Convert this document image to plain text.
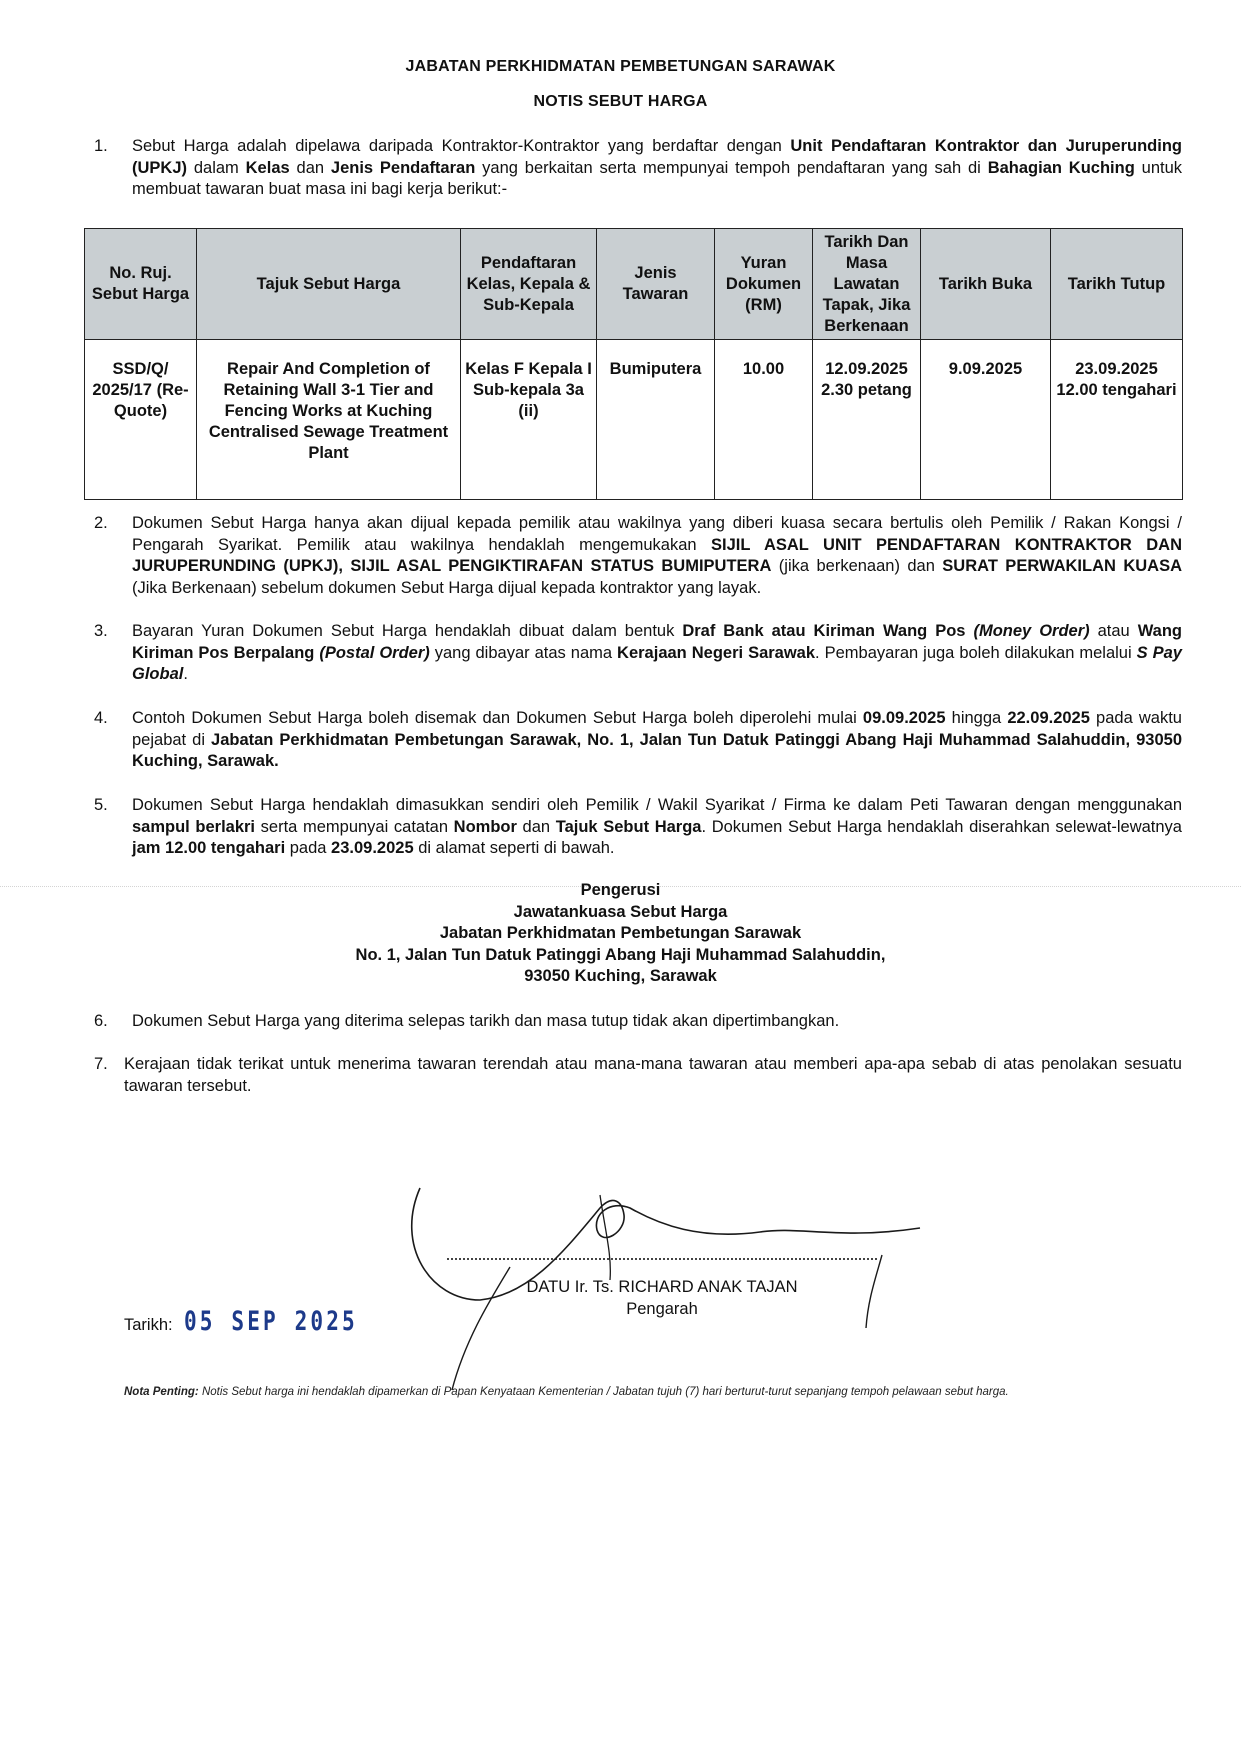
JABATAN PERKHIDMATAN PEMBETUNGAN SARAWAK
NOTIS SEBUT HARGA
1. Sebut Harga adalah dipelawa daripada Kontraktor-Kontraktor yang berdaftar dengan Unit Pendaftaran Kontraktor dan Juruperunding (UPKJ) dalam Kelas dan Jenis Pendaftaran yang berkaitan serta mempunyai tempoh pendaftaran yang sah di Bahagian Kuching untuk membuat tawaran buat masa ini bagi kerja berikut:-
No. Ruj. Sebut Harga	Tajuk Sebut Harga	Pendaftaran Kelas, Kepala & Sub-Kepala	Jenis Tawaran	Yuran Dokumen (RM)	Tarikh Dan Masa Lawatan Tapak, Jika Berkenaan	Tarikh Buka	Tarikh Tutup
SSD/Q/ 2025/17 (Re-Quote)	Repair And Completion of Retaining Wall 3-1 Tier and Fencing Works at Kuching Centralised Sewage Treatment Plant	Kelas F Kepala I Sub-kepala 3a (ii)	Bumiputera	10.00	12.09.2025 2.30 petang	9.09.2025	23.09.2025 12.00 tengahari
2. Dokumen Sebut Harga hanya akan dijual kepada pemilik atau wakilnya yang diberi kuasa secara bertulis oleh Pemilik / Rakan Kongsi / Pengarah Syarikat. Pemilik atau wakilnya hendaklah mengemukakan SIJIL ASAL UNIT PENDAFTARAN KONTRAKTOR DAN JURUPERUNDING (UPKJ), SIJIL ASAL PENGIKTIRAFAN STATUS BUMIPUTERA (jika berkenaan) dan SURAT PERWAKILAN KUASA (Jika Berkenaan) sebelum dokumen Sebut Harga dijual kepada kontraktor yang layak.
3. Bayaran Yuran Dokumen Sebut Harga hendaklah dibuat dalam bentuk Draf Bank atau Kiriman Wang Pos (Money Order) atau Wang Kiriman Pos Berpalang (Postal Order) yang dibayar atas nama Kerajaan Negeri Sarawak. Pembayaran juga boleh dilakukan melalui S Pay Global.
4. Contoh Dokumen Sebut Harga boleh disemak dan Dokumen Sebut Harga boleh diperolehi mulai 09.09.2025 hingga 22.09.2025 pada waktu pejabat di Jabatan Perkhidmatan Pembetungan Sarawak, No. 1, Jalan Tun Datuk Patinggi Abang Haji Muhammad Salahuddin, 93050 Kuching, Sarawak.
5. Dokumen Sebut Harga hendaklah dimasukkan sendiri oleh Pemilik / Wakil Syarikat / Firma ke dalam Peti Tawaran dengan menggunakan sampul berlakri serta mempunyai catatan Nombor dan Tajuk Sebut Harga. Dokumen Sebut Harga hendaklah diserahkan selewat-lewatnya jam 12.00 tengahari pada 23.09.2025 di alamat seperti di bawah.
Pengerusi
Jawatankuasa Sebut Harga
Jabatan Perkhidmatan Pembetungan Sarawak
No. 1, Jalan Tun Datuk Patinggi Abang Haji Muhammad Salahuddin,
93050 Kuching, Sarawak
6. Dokumen Sebut Harga yang diterima selepas tarikh dan masa tutup tidak akan dipertimbangkan.
7. Kerajaan tidak terikat untuk menerima tawaran terendah atau mana-mana tawaran atau memberi apa-apa sebab di atas penolakan sesuatu tawaran tersebut.
DATU Ir. Ts. RICHARD ANAK TAJAN
Pengarah
Tarikh: 05 SEP 2025
Nota Penting: Notis Sebut harga ini hendaklah dipamerkan di Papan Kenyataan Kementerian / Jabatan tujuh (7) hari berturut-turut sepanjang tempoh pelawaan sebut harga.
